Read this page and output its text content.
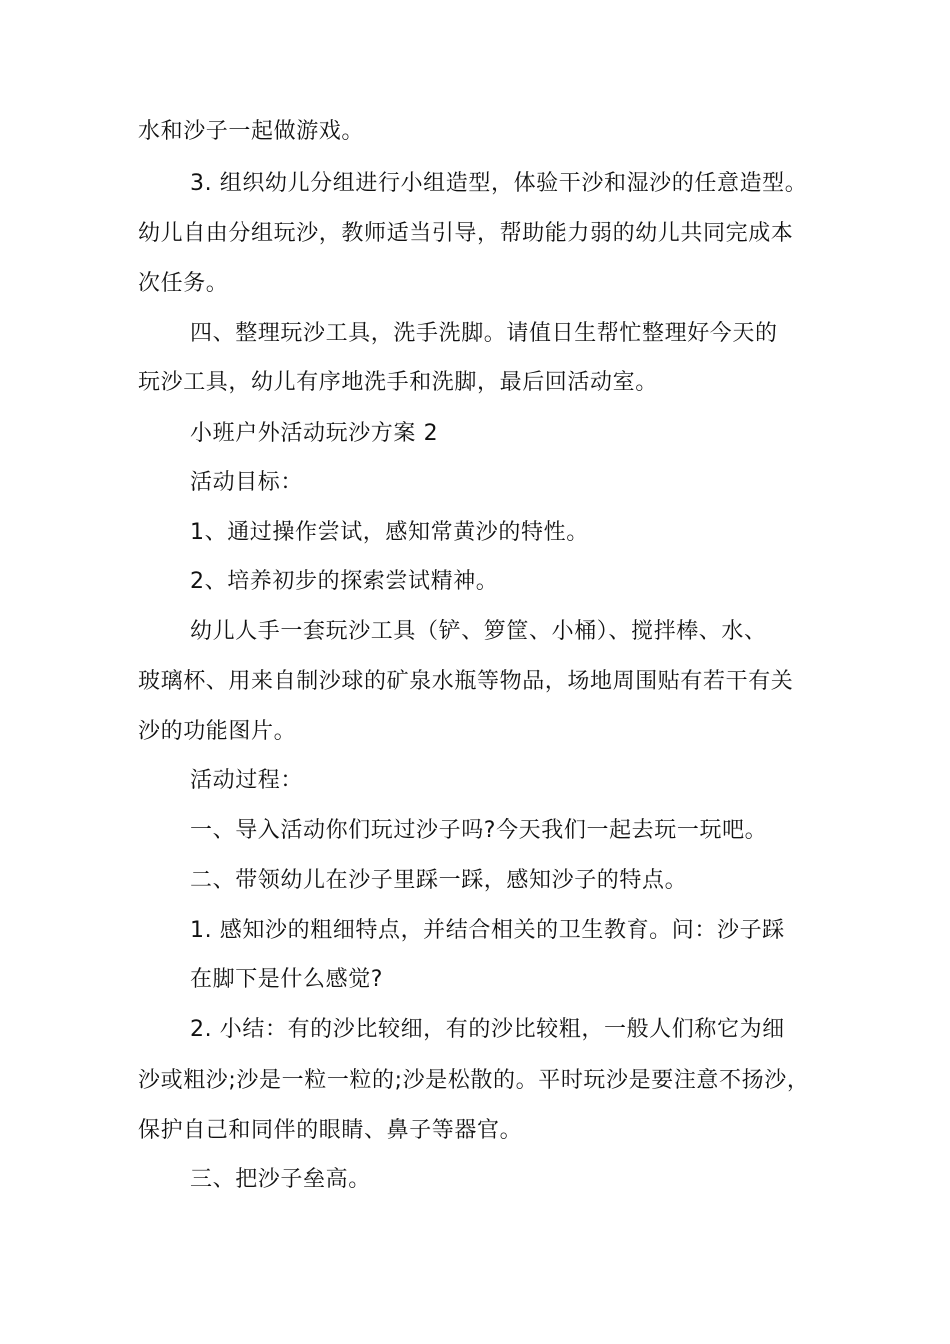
水和沙子一起做游戏。
3. 组织幼儿分组进行小组造型，体验干沙和湿沙的任意造型。
幼儿自由分组玩沙，教师适当引导，帮助能力弱的幼儿共同完成本
次任务。
四、整理玩沙工具，洗手洗脚。请值日生帮忙整理好今天的
玩沙工具，幼儿有序地洗手和洗脚，最后回活动室。
小班户外活动玩沙方案 2
活动目标：
1、通过操作尝试，感知常黄沙的特性。
2、培养初步的探索尝试精神。
幼儿人手一套玩沙工具（铲、箩筐、小桶）、搅拌棒、水、
玻璃杯、用来自制沙球的矿泉水瓶等物品，场地周围贴有若干有关
沙的功能图片。
活动过程：
一、导入活动你们玩过沙子吗?今天我们一起去玩一玩吧。
二、带领幼儿在沙子里踩一踩，感知沙子的特点。
1. 感知沙的粗细特点，并结合相关的卫生教育。问：沙子踩
在脚下是什么感觉?
2. 小结：有的沙比较细，有的沙比较粗，一般人们称它为细
沙或粗沙;沙是一粒一粒的;沙是松散的。平时玩沙是要注意不扬沙，
保护自己和同伴的眼睛、鼻子等器官。
三、把沙子垒高。
